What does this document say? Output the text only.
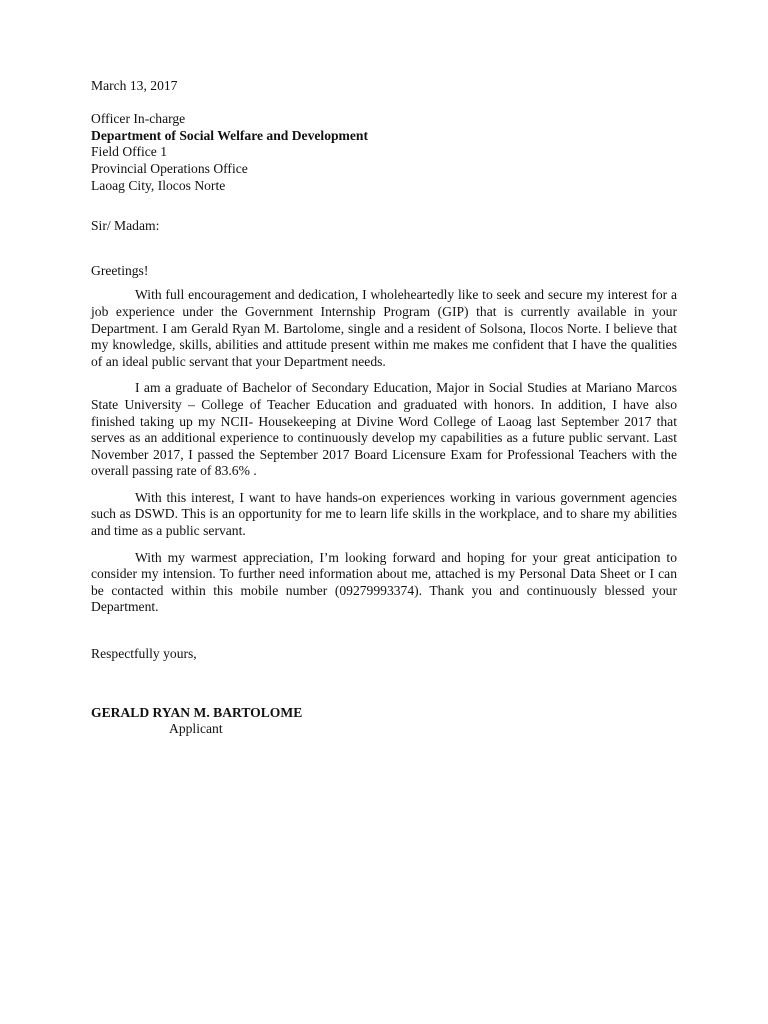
March 13, 2017
Officer In-charge
Department of Social Welfare and Development
Field Office 1
Provincial Operations Office
Laoag City, Ilocos Norte
Sir/ Madam:
Greetings!

With full encouragement and dedication, I wholeheartedly like to seek and secure my interest for a job experience under the Government Internship Program (GIP) that is currently available in your Department. I am Gerald Ryan M. Bartolome, single and a resident of Solsona, Ilocos Norte. I believe that my knowledge, skills, abilities and attitude present within me makes me confident that I have the qualities of an ideal public servant that your Department needs.

I am a graduate of Bachelor of Secondary Education, Major in Social Studies at Mariano Marcos State University – College of Teacher Education and graduated with honors. In addition, I have also finished taking up my NCII- Housekeeping at Divine Word College of Laoag last September 2017 that serves as an additional experience to continuously develop my capabilities as a future public servant. Last November 2017, I passed the September 2017 Board Licensure Exam for Professional Teachers with the overall passing rate of 83.6% .

With this interest, I want to have hands-on experiences working in various government agencies such as DSWD. This is an opportunity for me to learn life skills in the workplace, and to share my abilities and time as a public servant.

With my warmest appreciation, I’m looking forward and hoping for your great anticipation to consider my intension. To further need information about me, attached is my Personal Data Sheet or I can be contacted within this mobile number (09279993374). Thank you and continuously blessed your Department.

Respectfully yours,
GERALD RYAN M. BARTOLOME
Applicant
